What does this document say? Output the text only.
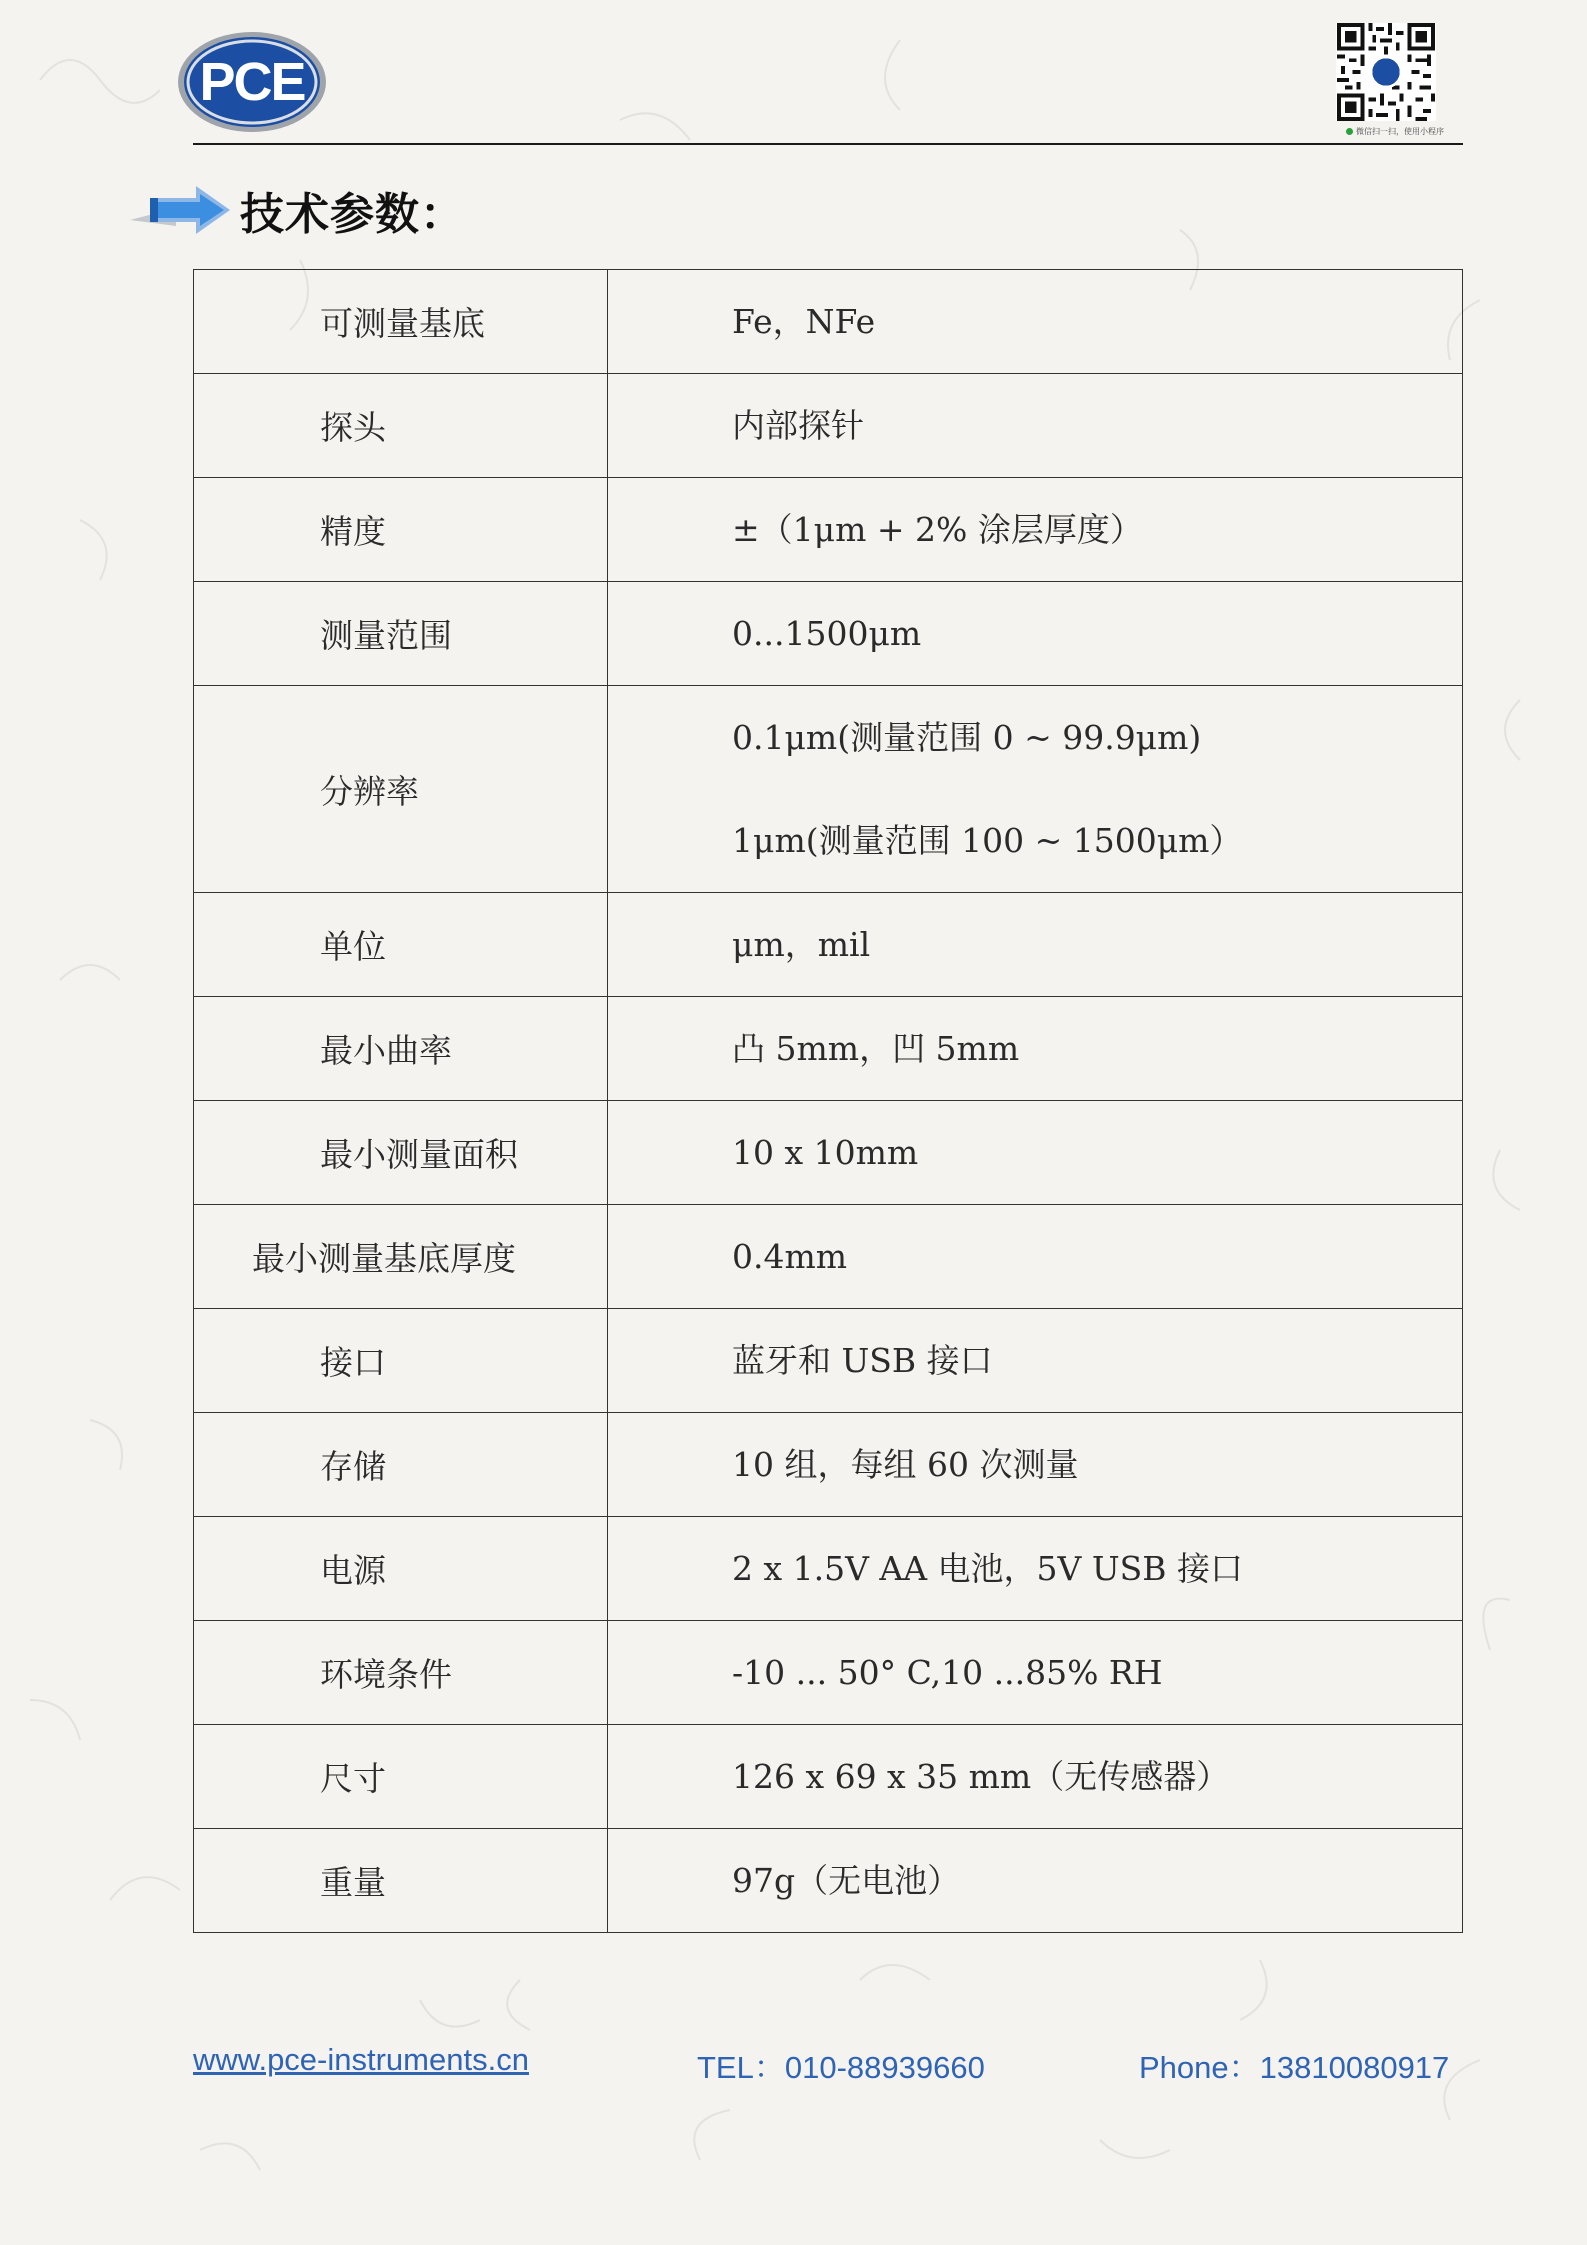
PCE
微信扫一扫，使用小程序
技术参数：
可测量基底	Fe，NFe

探头	内部探针

精度	±（1μm + 2% 涂层厚度）

测量范围	0...1500μm

分辨率	0.1μm(测量范围 0 ~ 99.9μm)
1μm(测量范围 100 ~ 1500μm）

单位	μm，mil

最小曲率	凸 5mm，凹 5mm

最小测量面积	10 x 10mm

最小测量基底厚度	0.4mm

接口	蓝牙和 USB 接口

存储	10 组，每组 60 次测量

电源	2 x 1.5V AA 电池，5V USB 接口

环境条件	-10 ... 50° C,10 ...85% RH

尺寸	126 x 69 x 35 mm（无传感器）

重量	97g（无电池）
www.pce-instruments.cn	TEL：010-88939660	Phone：13810080917
